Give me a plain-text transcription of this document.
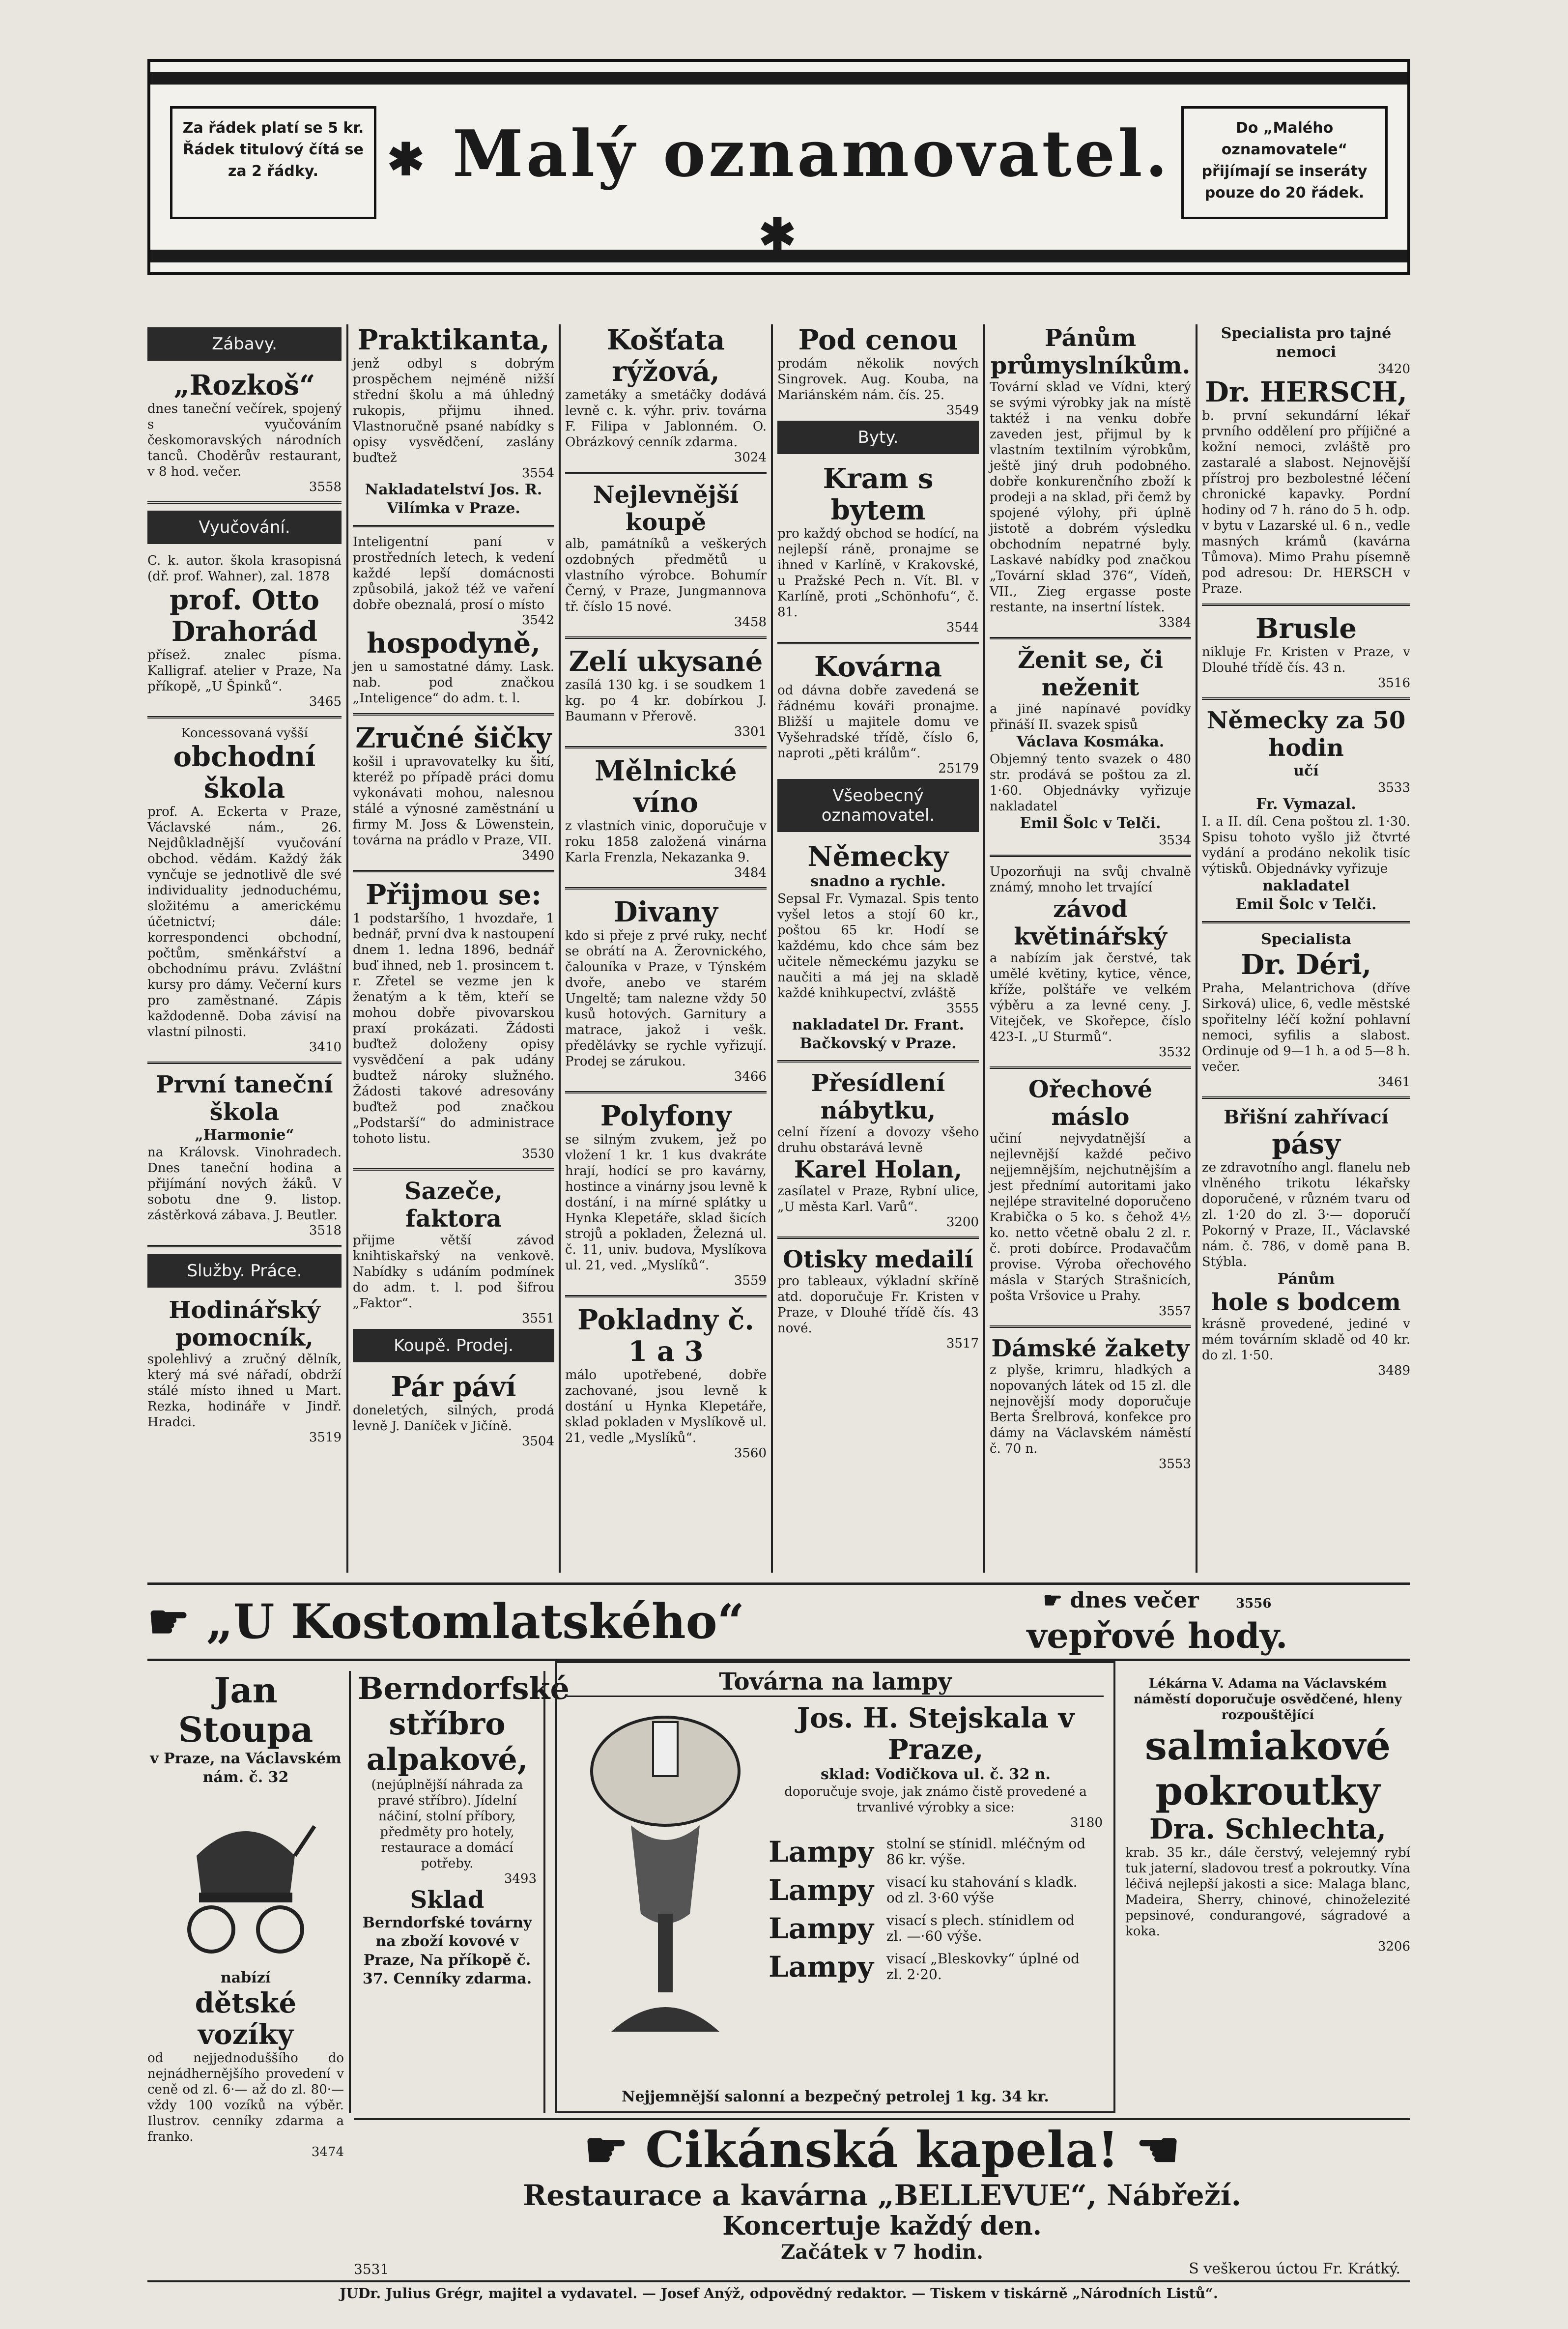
Za řádek platí se 5 kr. Řádek titulový čítá se za 2 řádky.	✱ Malý oznamovatel. ✱
Do „Malého oznamovatele“ přijímají se inseráty pouze do 20 řádek.
Zábavy.
„Rozkoš“
dnes taneční večírek, spojený s vyučováním českomoravských národních tanců. Choděrův restaurant, v 8 hod. večer.
3558
Vyučování.
C. k. autor. škola krasopisná (dř. prof. Wahner), zal. 1878
prof. Otto Drahorád
přísež. znalec písma. Kalligraf. atelier v Praze, Na příkopě, „U Špinků“.
3465
Koncessovaná vyšší
obchodní škola
prof. A. Eckerta v Praze, Václavské nám., 26. Nejdůkladnější vyučování obchod. vědám. Každý žák vynčuje se jednotlivě dle své individuality jednoduchému, složitému a americkému účetnictví; dále: korrespondenci obchodní, počtům, směnkářství a obchodnímu právu. Zvláštní kursy pro dámy. Večerní kurs pro zaměstnané. Zápis každodenně. Doba závisí na vlastní pilnosti.
3410
První taneční škola
„Harmonie“
na Královsk. Vinohradech. Dnes taneční hodina a přijímání nových žáků. V sobotu dne 9. listop. zástěrková zábava. J. Beutler.
3518
Služby. Práce.
Hodinářský pomocník,
spolehlivý a zručný dělník, který má své nářadí, obdrží stálé místo ihned u Mart. Rezka, hodináře v Jindř. Hradci.
3519
Praktikanta,
jenž odbyl s dobrým prospěchem nejméně nižší střední školu a má úhledný rukopis, přijmu ihned. Vlastnoručně psané nabídky s opisy vysvědčení, zaslány buďtež
3554
Nakladatelství Jos. R. Vilímka v Praze.
Inteligentní paní v prostředních letech, k vedení každé lepší domácnosti způsobilá, jakož též ve vaření dobře obeznalá, prosí o místo
3542
hospodyně,
jen u samostatné dámy. Lask. nab. pod značkou „Inteligence“ do adm. t. l.
Zručné šičky
košil i upravovatelky ku šití, kteréž po případě práci domu vykonávati mohou, nalesnou stálé a výnosné zaměstnání u firmy M. Joss & Löwenstein, továrna na prádlo v Praze, VII.
3490
Přijmou se:
1 podstaršího, 1 hvozdaře, 1 bednář, první dva k nastoupení dnem 1. ledna 1896, bednář buď ihned, neb 1. prosincem t. r. Zřetel se vezme jen k ženatým a k těm, kteří se mohou dobře pivovarskou praxí prokázati. Žádosti buďtež doloženy opisy vysvědčení a pak udány budtež nároky služného. Žádosti takové adresovány buďtež pod značkou „Podstarší“ do administrace tohoto listu.
3530
Sazeče, faktora
přijme větší závod knihtiskařský na venkově. Nabídky s udáním podmínek do adm. t. l. pod šifrou „Faktor“.
3551
Koupě. Prodej.
Pár páví
doneletých, silných, prodá levně J. Daníček v Jičíně.
3504
Košťata rýžová,
zametáky a smetáčky dodává levně c. k. výhr. priv. továrna F. Filipa v Jablonném. O. Obrázkový cenník zdarma.
3024
Nejlevnější koupě
alb, památníků a veškerých ozdobných předmětů u vlastního výrobce. Bohumír Černý, v Praze, Jungmannova tř. číslo 15 nové.
3458
Zelí ukysané
zasílá 130 kg. i se soudkem 1 kg. po 4 kr. dobírkou J. Baumann v Přerově.
3301
Mělnické víno
z vlastních vinic, doporučuje v roku 1858 založená vinárna Karla Frenzla, Nekazanka 9.
3484
Divany
kdo si přeje z prvé ruky, nechť se obrátí na A. Žerovnického, čalouníka v Praze, v Týnském dvoře, anebo ve starém Ungeltě; tam nalezne vždy 50 kusů hotových. Garnitury a matrace, jakož i vešk. předělávky se rychle vyřizují. Prodej se zárukou.
3466
Polyfony
se silným zvukem, jež po vložení 1 kr. 1 kus dvakráte hrají, hodící se pro kavárny, hostince a vinárny jsou levně k dostání, i na mírné splátky u Hynka Klepetáře, sklad šicích strojů a pokladen, Železná ul. č. 11, univ. budova, Myslíkova ul. 21, ved. „Myslíků“.
3559
Pokladny č. 1 a 3
málo upotřebené, dobře zachované, jsou levně k dostání u Hynka Klepetáře, sklad pokladen v Myslíkově ul. 21, vedle „Myslíků“.
3560
Pod cenou
prodám několik nových Singrovek. Aug. Kouba, na Mariánském nám. čís. 25.
3549
Byty.
Kram s bytem
pro každý obchod se hodící, na nejlepší ráně, pronajme se ihned v Karlíně, v Krakovské, u Pražské Pech n. Vít. Bl. v Karlíně, proti „Schönhofu“, č. 81.
3544
Kovárna
od dávna dobře zavedená se řádnému kováři pronajme. Bližší u majitele domu ve Vyšehradské třídě, číslo 6, naproti „pěti králům“.
25179
Všeobecný oznamovatel.
Německy
snadno a rychle.
Sepsal Fr. Vymazal. Spis tento vyšel letos a stojí 60 kr., poštou 65 kr. Hodí se každému, kdo chce sám bez učitele německému jazyku se naučiti a má jej na skladě každé knihkupectví, zvláště
3555
nakladatel Dr. Frant. Bačkovský v Praze.
Přesídlení nábytku,
celní řízení a dovozy všeho druhu obstarává levně
Karel Holan,
zasílatel v Praze, Rybní ulice, „U města Karl. Varů“.
3200
Otisky medailí
pro tableaux, výkladní skříně atd. doporučuje Fr. Kristen v Praze, v Dlouhé třídě čís. 43 nové.
3517
Pánům průmyslníkům.
Tovární sklad ve Vídni, který se svými výrobky jak na místě taktéž i na venku dobře zaveden jest, přijmul by k vlastním textilním výrobkům, ještě jiný druh podobného. dobře konkurenčního zboží k prodeji a na sklad, při čemž by spojené výlohy, při úplně jistotě a dobrém výsledku obchodním nepatrné byly. Laskavé nabídky pod značkou „Tovární sklad 376“, Vídeň, VII., Zieg ergasse poste restante, na insertní lístek.
3384
Ženit se, či neženit
a jiné napínavé povídky přináší II. svazek spisů
Václava Kosmáka.
Objemný tento svazek o 480 str. prodává se poštou za zl. 1·60. Objednávky vyřizuje nakladatel
Emil Šolc v Telči.
3534
Upozorňuji na svůj chvalně známý, mnoho let trvající
závod květinářský
a nabízím jak čerstvé, tak umělé květiny, kytice, věnce, kříže, polštáře ve velkém výběru a za levné ceny. J. Vitejček, ve Skořepce, číslo 423-I. „U Sturmů“.
3532
Ořechové máslo
učiní nejvydatnější a nejlevnější každé pečivo nejjemnějším, nejchutnějším a jest přednímí autoritami jako nejlépe stravitelné doporučeno Krabička o 5 ko. s čehož 4½ ko. netto včetně obalu 2 zl. r. č. proti dobírce. Prodavačům provise. Výroba ořechového másla v Starých Strašnicích, pošta Vršovice u Prahy.
3557
Dámské žakety
z plyše, krimru, hladkých a nopovaných látek od 15 zl. dle nejnovější mody doporučuje Berta Šrelbrová, konfekce pro dámy na Václavském náměstí č. 70 n.
3553
Specialista pro tajné nemoci
3420
Dr. HERSCH,
b. první sekundární lékař prvního oddělení pro příjičné a kožní nemoci, zvláště pro zastaralé a slabost. Nejnovější přístroj pro bezbolestné léčení chronické kapavky. Pordní hodiny od 7 h. ráno do 5 h. odp. v bytu v Lazarské ul. 6 n., vedle masných krámů (kavárna Tůmova). Mimo Prahu písemně pod adresou: Dr. HERSCH v Praze.
Brusle
nikluje Fr. Kristen v Praze, v Dlouhé třídě čís. 43 n.
3516
Německy za 50 hodin
učí
3533
Fr. Vymazal.
I. a II. díl. Cena poštou zl. 1·30. Spisu tohoto vyšlo již čtvrté vydání a prodáno nekolik tisíc výtisků. Objednávky vyřizuje
nakladatel
Emil Šolc v Telči.
Specialista
Dr. Déri,
Praha, Melantrichova (dříve Sirková) ulice, 6, vedle městské spořitelny léčí kožní pohlavní nemoci, syfilis a slabost. Ordinuje od 9—1 h. a od 5—8 h. večer.
3461
Břišní zahřívací
pásy
ze zdravotního angl. flanelu neb vlněného trikotu lékařsky doporučené, v různém tvaru od zl. 1·20 do zl. 3·— doporučí Pokorný v Praze, II., Václavské nám. č. 786, v domě pana B. Stýbla.
Pánům
hole s bodcem
krásně provedené, jediné v mém továrním skladě od 40 kr. do zl. 1·50.
3489
☛ „U Kostomlatského“	☛ dnes večer	3556
vepřové hody.
Jan Stoupa
v Praze, na Václavském nám. č. 32
nabízí
dětské vozíky
od nejjednoduššího do nejnádhernějšího provedení v ceně od zl. 6·— až do zl. 80·— vždy 100 vozíků na výběr. Ilustrov. cenníky zdarma a franko.
3474
Berndorfské stříbro alpakové,
(nejúplnější náhrada za pravé stříbro). Jídelní náčiní, stolní příbory, předměty pro hotely, restaurace a domácí potřeby.
3493
Sklad
Berndorfské továrny na zboží kovové v Praze, Na příkopě č. 37. Cenníky zdarma.
Továrna na lampy
Jos. H. Stejskala v Praze,
sklad: Vodičkova ul. č. 32 n.
doporučuje svoje, jak známo čistě provedené a trvanlivé výrobky a sice:
3180
Lampy stolní se stínidl. mléčným od 86 kr. výše.
Lampy visací ku stahování s kladk. od zl. 3·60 výše
Lampy visací s plech. stínidlem od zl. —·60 výše.
Lampy visací „Bleskovky“ úplné od zl. 2·20.
Nejjemnější salonní a bezpečný petrolej 1 kg. 34 kr.
Lékárna V. Adama na Václavském náměstí doporučuje osvědčené, hleny rozpouštějící
salmiakové pokroutky
Dra. Schlechta,
krab. 35 kr., dále čerstvý, velejemný rybí tuk jaterní, sladovou tresť a pokroutky. Vína léčivá nejlepší jakosti a sice: Malaga blanc, Madeira, Sherry, chinové, chinoželezité pepsinové, condurangové, ságradové a koka.
3206
☛ Cikánská kapela! ☚
Restaurace a kavárna „BELLEVUE“, Nábřeží.
Koncertuje každý den.
Začátek v 7 hodin.
3531	S veškerou úctou Fr. Krátký.
JUDr. Julius Grégr, majitel a vydavatel. — Josef Anýž, odpovědný redaktor. — Tiskem v tiskárně „Národních Listů“.
